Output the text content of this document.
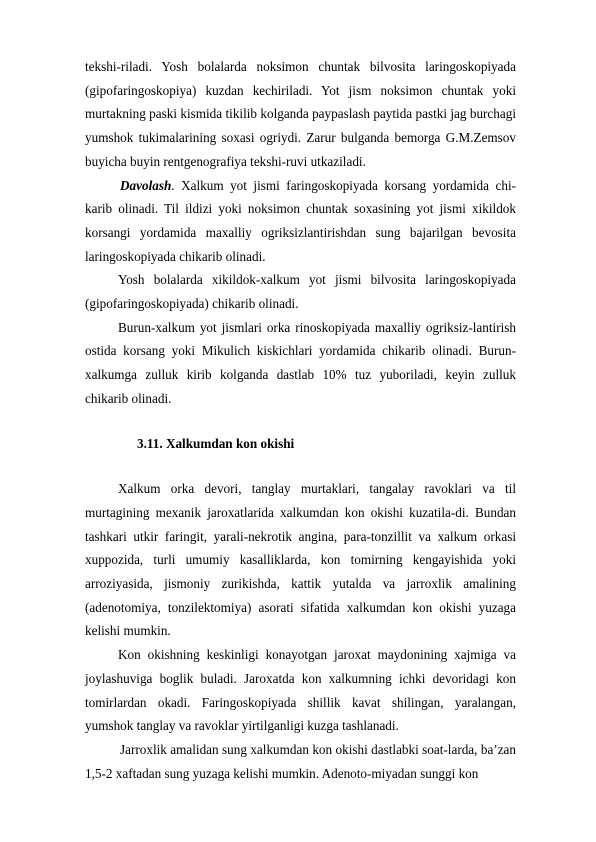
tekshi-riladi. Yosh bolalarda noksimon chuntak bilvosita laringoskopiyada (gipofaringoskopiya) kuzdan kechiriladi. Yot jism noksimon chuntak yoki murtakning paski kismida tikilib kolganda paypaslash paytida pastki jag burchagi yumshok tukimalarining soxasi ogriydi. Zarur bulganda bemorga G.M.Zemsov buyicha buyin rentgenografiya tekshi-ruvi utkaziladi.

Davolash. Xalkum yot jismi faringoskopiyada korsang yordamida chi-karib olinadi. Til ildizi yoki noksimon chuntak soxasining yot jismi xikildok korsangi yordamida maxalliy ogriksizlantirishdan sung bajarilgan bevosita laringoskopiyada chikarib olinadi.

Yosh bolalarda xikildok-xalkum yot jismi bilvosita laringoskopiyada (gipofaringoskopiyada) chikarib olinadi.

Burun-xalkum yot jismlari orka rinoskopiyada maxalliy ogriksiz-lantirish ostida korsang yoki Mikulich kiskichlari yordamida chikarib olinadi. Burun-xalkumga zulluk kirib kolganda dastlab 10% tuz yuboriladi, keyin zulluk chikarib olinadi.

3.11. Xalkumdan kon okishi

Xalkum orka devori, tanglay murtaklari, tangalay ravoklari va til murtagining mexanik jaroxatlarida xalkumdan kon okishi kuzatila-di. Bundan tashkari utkir faringit, yarali-nekrotik angina, para-tonzillit va xalkum orkasi xuppozida, turli umumiy kasalliklarda, kon tomirning kengayishida yoki arroziyasida, jismoniy zurikishda, kattik yutalda va jarroxlik amalining (adenotomiya, tonzilektomiya) asorati sifatida xalkumdan kon okishi yuzaga kelishi mumkin.

Kon okishning keskinligi konayotgan jaroxat maydonining xajmiga va joylashuviga boglik buladi. Jaroxatda kon xalkumning ichki devoridagi kon tomirlardan okadi. Faringoskopiyada shillik kavat shilingan, yaralangan, yumshok tanglay va ravoklar yirtilganligi kuzga tashlanadi.

Jarroxlik amalidan sung xalkumdan kon okishi dastlabki soat-larda, ba’zan 1,5-2 xaftadan sung yuzaga kelishi mumkin. Adenoto-miyadan sunggi kon
